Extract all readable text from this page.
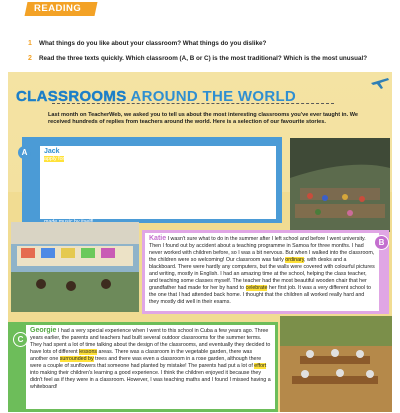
READING
1 What things do you like about your classroom? What things do you dislike?
2 Read the three texts quickly. Which classroom (A, B or C) is the most traditional? Which is the most unusual?
CLASSROOMS AROUND THE WORLD
Last month on TeacherWeb, we asked you to tell us about the most interesting classrooms you've ever taught in. We received hundreds of replies from teachers around the world. Here is a selection of our favourite stories.
Jack When I was looking for somewhere to teach English as a foreign language, I decided to apply for a school that was far away. However, this place was definitely further than I had imagined, and I never thought that a school classroom could be in a cave! It was a really unusual place to have a school. The families of a Chinese village had built the school, known as Middle Cave Elementary School, in the cave about 50 years before. They had transported the materials for the school furniture up the mountain. It took days, and then they made the tables and chairs by hand. Children came from many different places around the area and walk up a stone path to reach the school every day. I arrived at the school in early April to teach English conversation, and I helped the music teacher. There were always two teachers, which I enjoyed. Having these lessons in a cave was incredible because of the sound produced inside caves. The classroom
A
Katie I wasn't sure what to do in the summer after I left school and before I went university. Then I found out by accident about a teaching programme in Samoa for three months. I had never worked with children before, so I was a bit nervous. But when I walked into the classroom, the children were so welcoming! Our classroom was fairly ordinary, with desks and a blackboard. There were hardly any computers, but the walls were covered with colourful pictures and writing, mostly in English. I had an amazing time at the school, helping the class teacher, and teaching some classes myself. The teacher had the most beautiful wooden chair that her grandfather had made for her by hand to celebrate her first job. It was a very different school to the one that I had attended back home. I thought that the children all worked really hard and they mostly did well in their exams.
B
Georgie I had a very special experience when I went to this school in Cuba a few years ago. Three years earlier, the parents and teachers had built several outdoor classrooms for the summer terms. They had spent a lot of time talking about the design of the classrooms, and eventually they decided to have lots of different lessons areas. There was a classroom in the vegetable garden, there was another one surrounded by trees and there was even a classroom in a rose garden, although there were a couple of sunflowers that someone had planted by mistake! The parents had put a lot of effort into making their children's learning a good experience. I think the children enjoyed it because they didn't feel as if they were in a classroom. However, I was teaching maths and I found I missed having a whiteboard!
C
